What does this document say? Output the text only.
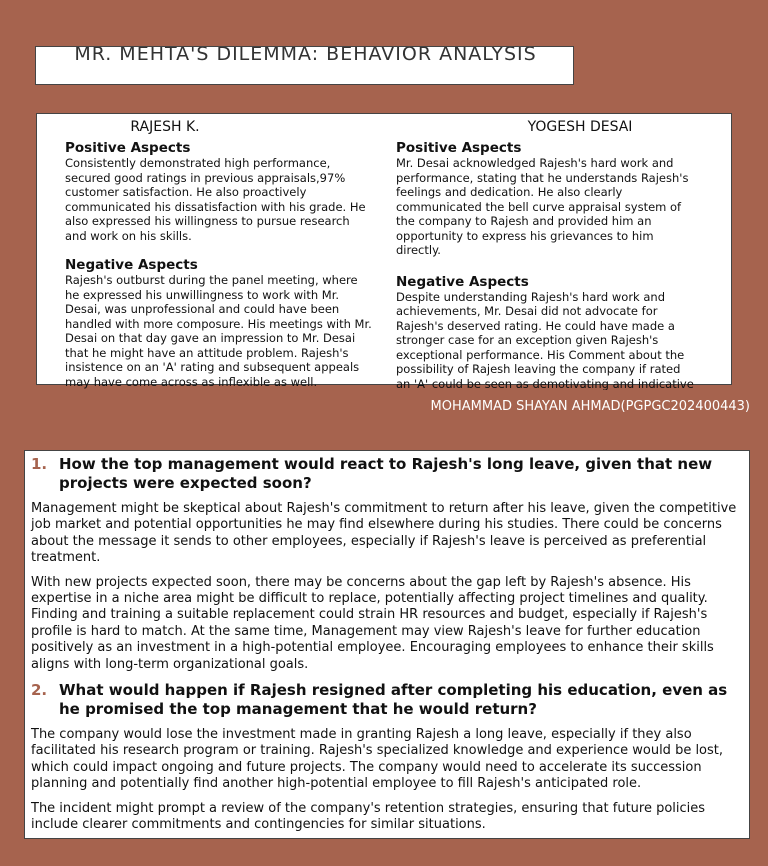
MR. MEHTA'S DILEMMA: BEHAVIOR ANALYSIS
RAJESH K.

Positive Aspects

Consistently demonstrated high performance, secured good ratings in previous appraisals,97% customer satisfaction. He also proactively communicated his dissatisfaction with his grade. He also expressed his willingness to pursue research and work on his skills.

Negative Aspects

Rajesh's outburst during the panel meeting, where he expressed his unwillingness to work with Mr. Desai, was unprofessional and could have been handled with more composure. His meetings with Mr. Desai on that day gave an impression to Mr. Desai that he might have an attitude problem. Rajesh's insistence on an 'A' rating and subsequent appeals may have come across as inflexible as well.

YOGESH DESAI

Positive Aspects

Mr. Desai acknowledged Rajesh's hard work and performance, stating that he understands Rajesh's feelings and dedication. He also clearly communicated the bell curve appraisal system of the company to Rajesh and provided him an opportunity to express his grievances to him directly.

Negative Aspects

Despite understanding Rajesh's hard work and achievements, Mr. Desai did not advocate for Rajesh's deserved rating. He could have made a stronger case for an exception given Rajesh's exceptional performance. His Comment about the possibility of Rajesh leaving the company if rated an 'A' could be seen as demotivating and indicative

MOHAMMAD SHAYAN AHMAD(PGPGC202400443)
1. How the top management would react to Rajesh's long leave, given that new projects were expected soon?

Management might be skeptical about Rajesh's commitment to return after his leave, given the competitive job market and potential opportunities he may find elsewhere during his studies. There could be concerns about the message it sends to other employees, especially if Rajesh's leave is perceived as preferential treatment.

With new projects expected soon, there may be concerns about the gap left by Rajesh's absence. His expertise in a niche area might be difficult to replace, potentially affecting project timelines and quality. Finding and training a suitable replacement could strain HR resources and budget, especially if Rajesh's profile is hard to match. At the same time, Management may view Rajesh's leave for further education positively as an investment in a high-potential employee. Encouraging employees to enhance their skills aligns with long-term organizational goals.

2. What would happen if Rajesh resigned after completing his education, even as he promised the top management that he would return?

The company would lose the investment made in granting Rajesh a long leave, especially if they also facilitated his research program or training. Rajesh's specialized knowledge and experience would be lost, which could impact ongoing and future projects. The company would need to accelerate its succession planning and potentially find another high-potential employee to fill Rajesh's anticipated role.

The incident might prompt a review of the company's retention strategies, ensuring that future policies include clearer commitments and contingencies for similar situations.
